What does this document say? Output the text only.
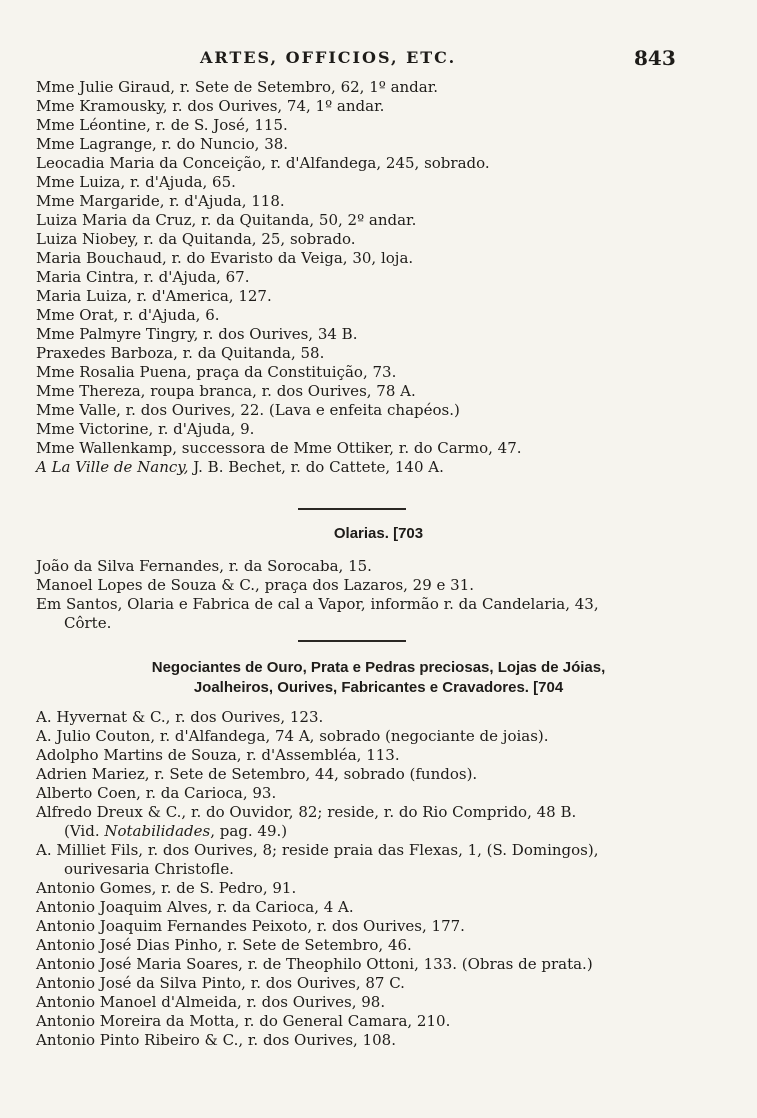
ARTES, OFFICIOS, ETC.	843
Mme Julie Giraud, r. Sete de Setembro, 62, 1º andar.
Mme Kramousky, r. dos Ourives, 74, 1º andar.
Mme Léontine, r. de S. José, 115.
Mme Lagrange, r. do Nuncio, 38.
Leocadia Maria da Conceição, r. d'Alfandega, 245, sobrado.
Mme Luiza, r. d'Ajuda, 65.
Mme Margaride, r. d'Ajuda, 118.
Luiza Maria da Cruz, r. da Quitanda, 50, 2º andar.
Luiza Niobey, r. da Quitanda, 25, sobrado.
Maria Bouchaud, r. do Evaristo da Veiga, 30, loja.
Maria Cintra, r. d'Ajuda, 67.
Maria Luiza, r. d'America, 127.
Mme Orat, r. d'Ajuda, 6.
Mme Palmyre Tingry, r. dos Ourives, 34 B.
Praxedes Barboza, r. da Quitanda, 58.
Mme Rosalia Puena, praça da Constituição, 73.
Mme Thereza, roupa branca, r. dos Ourives, 78 A.
Mme Valle, r. dos Ourives, 22. (Lava e enfeita chapéos.)
Mme Victorine, r. d'Ajuda, 9.
Mme Wallenkamp, successora de Mme Ottiker, r. do Carmo, 47.
A La Ville de Nancy, J. B. Bechet, r. do Cattete, 140 A.
Olarias. [703
João da Silva Fernandes, r. da Sorocaba, 15.
Manoel Lopes de Souza & C., praça dos Lazaros, 29 e 31.
Em Santos, Olaria e Fabrica de cal a Vapor, informão r. da Candelaria, 43,
Côrte.
Negociantes de Ouro, Prata e Pedras preciosas, Lojas de Jóias,
Joalheiros, Ourives, Fabricantes e Cravadores. [704
A. Hyvernat & C., r. dos Ourives, 123.
A. Julio Couton, r. d'Alfandega, 74 A, sobrado (negociante de joias).
Adolpho Martins de Souza, r. d'Assembléa, 113.
Adrien Mariez, r. Sete de Setembro, 44, sobrado (fundos).
Alberto Coen, r. da Carioca, 93.
Alfredo Dreux & C., r. do Ouvidor, 82; reside, r. do Rio Comprido, 48 B.
(Vid. Notabilidades, pag. 49.)
A. Milliet Fils, r. dos Ourives, 8; reside praia das Flexas, 1, (S. Domingos),
ourivesaria Christofle.
Antonio Gomes, r. de S. Pedro, 91.
Antonio Joaquim Alves, r. da Carioca, 4 A.
Antonio Joaquim Fernandes Peixoto, r. dos Ourives, 177.
Antonio José Dias Pinho, r. Sete de Setembro, 46.
Antonio José Maria Soares, r. de Theophilo Ottoni, 133. (Obras de prata.)
Antonio José da Silva Pinto, r. dos Ourives, 87 C.
Antonio Manoel d'Almeida, r. dos Ourives, 98.
Antonio Moreira da Motta, r. do General Camara, 210.
Antonio Pinto Ribeiro & C., r. dos Ourives, 108.
